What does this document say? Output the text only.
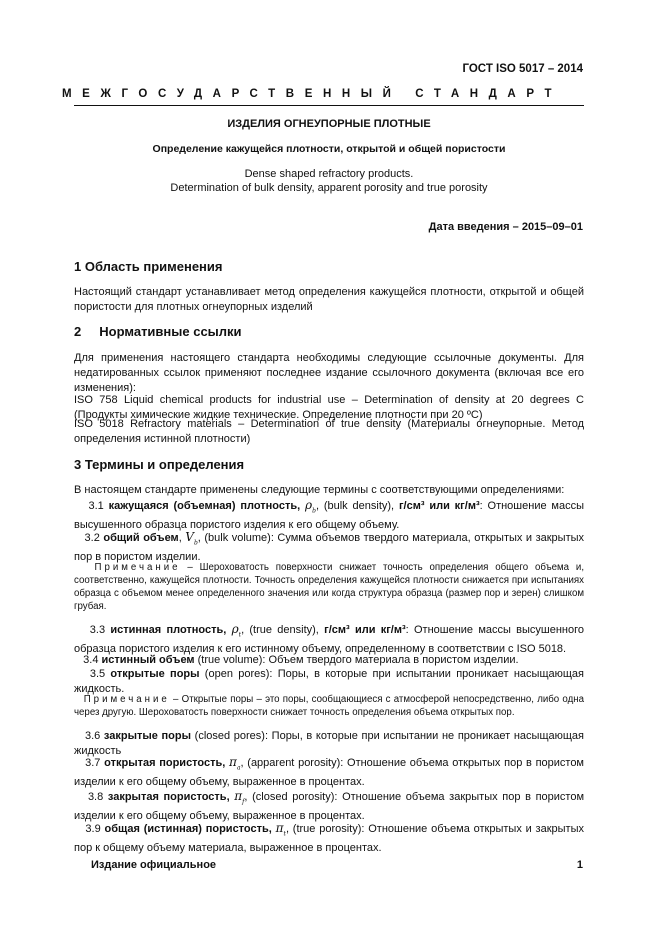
ГОСТ ISO 5017 – 2014
МЕЖГОСУДАРСТВЕННЫЙ СТАНДАРТ
ИЗДЕЛИЯ ОГНЕУПОРНЫЕ ПЛОТНЫЕ
Определение кажущейся плотности, открытой и общей пористости
Dense shaped refractory products.
Determination of bulk density, apparent porosity and true porosity
Дата введения – 2015–09–01
1 Область применения
Настоящий стандарт устанавливает метод определения кажущейся плотности, открытой и общей пористости для плотных огнеупорных изделий
2     Нормативные ссылки
Для применения настоящего стандарта необходимы следующие ссылочные документы. Для недатированных ссылок применяют последнее издание ссылочного документа (включая все его изменения):
ISO 758 Liquid chemical products for industrial use – Determination of density at 20 degrees C (Продукты химические жидкие технические. Определение плотности при 20 ºC)
ISO 5018 Refractory materials – Determination of true density (Материалы огнеупорные. Метод определения истинной плотности)
3 Термины и определения
В настоящем стандарте применены следующие термины с соответствующими определениями:
3.1 кажущаяся (объемная) плотность, $\rho_b$, (bulk density), г/см³ или кг/м³: Отношение массы высушенного образца пористого изделия к его общему объему.
3.2 общий объем, $V_b$, (bulk volume): Сумма объемов твердого материала, открытых и закрытых пор в пористом изделии.
Примечание – Шероховатость поверхности снижает точность определения общего объема и, соответственно, кажущейся плотности. Точность определения кажущейся плотности снижается при испытаниях образца с объемом менее определенного значения или когда структура образца (размер пор и зерен) слишком грубая.
3.3 истинная плотность, $\rho_t$, (true density), г/см³ или кг/м³: Отношение массы высушенного образца пористого изделия к его истинному объему, определенному в соответствии с ISO 5018.
3.4 истинный объем (true volume): Объем твердого материала в пористом изделии.
3.5 открытые поры (open pores): Поры, в которые при испытании проникает насыщающая жидкость.
Примечание – Открытые поры – это поры, сообщающиеся с атмосферой непосредственно, либо одна через другую. Шероховатость поверхности снижает точность определения объема открытых пор.
3.6 закрытые поры (closed pores): Поры, в которые при испытании не проникает насыщающая жидкость
3.7 открытая пористость, $\pi_a$, (apparent porosity): Отношение объема открытых пор в пористом изделии к его общему объему, выраженное в процентах.
3.8 закрытая пористость, $\pi_f$, (closed porosity): Отношение объема закрытых пор в пористом изделии к его общему объему, выраженное в процентах.
3.9 общая (истинная) пористость, $\pi_t$, (true porosity): Отношение объема открытых и закрытых пор к общему объему материала, выраженное в процентах.
Издание официальное	1
